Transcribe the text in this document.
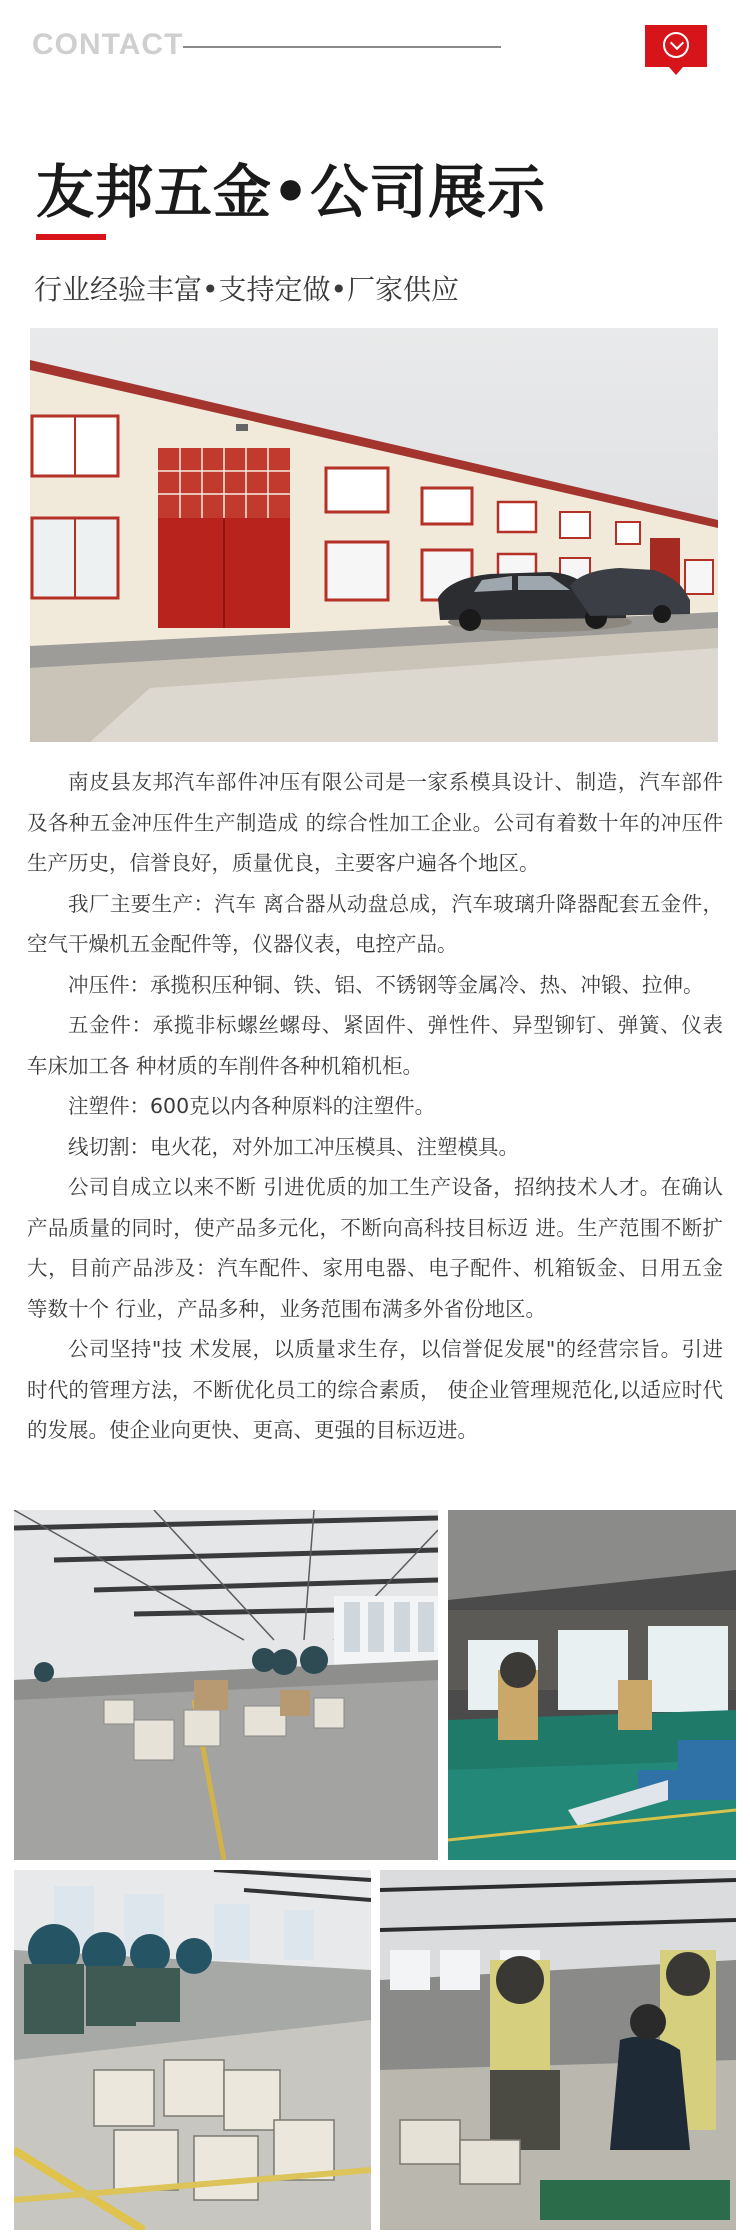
CONTACT
友邦五金•公司展示
行业经验丰富•支持定做•厂家供应

南皮县友邦汽车部件冲压有限公司是一家系模具设计、制造，汽车部件及各种五金冲压件生产制造成 的综合性加工企业。公司有着数十年的冲压件生产历史，信誉良好，质量优良，主要客户遍各个地区。

我厂主要生产：汽车 离合器从动盘总成，汽车玻璃升降器配套五金件，空气干燥机五金配件等，仪器仪表，电控产品。

冲压件：承揽积压种铜、铁、铝、不锈钢等金属冷、热、冲锻、拉伸。

五金件：承揽非标螺丝螺母、紧固件、弹性件、异型铆钉、弹簧、仪表车床加工各 种材质的车削件各种机箱机柜。

注塑件：600克以内各种原料的注塑件。

线切割：电火花，对外加工冲压模具、注塑模具。

公司自成立以来不断 引进优质的加工生产设备，招纳技术人才。在确认产品质量的同时，使产品多元化，不断向高科技目标迈 进。生产范围不断扩大，目前产品涉及：汽车配件、家用电器、电子配件、机箱钣金、日用五金等数十个 行业，产品多种，业务范围布满多外省份地区。

公司坚持"技 术发展，以质量求生存，以信誉促发展"的经营宗旨。引进时代的管理方法，不断优化员工的综合素质， 使企业管理规范化,以适应时代的发展。使企业向更快、更高、更强的目标迈进。
